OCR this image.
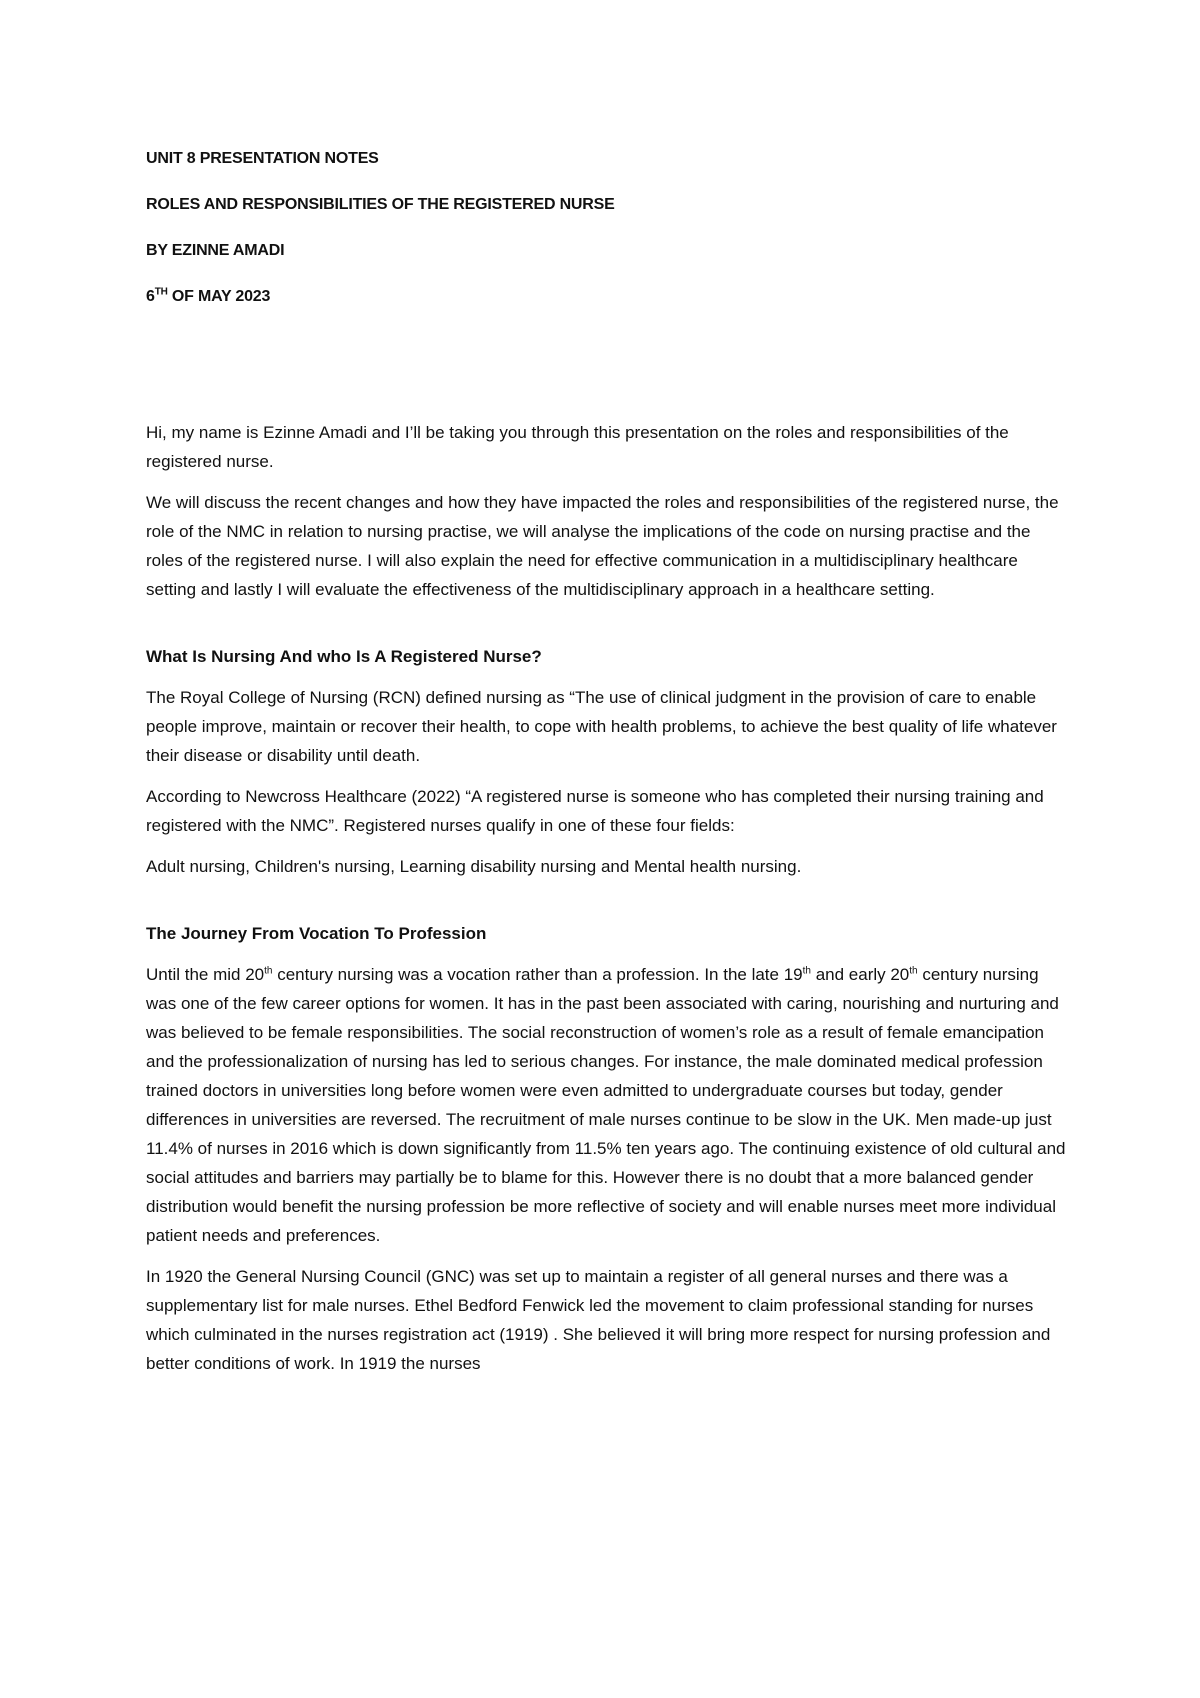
UNIT 8 PRESENTATION NOTES
ROLES AND RESPONSIBILITIES OF THE REGISTERED NURSE
BY EZINNE AMADI
6TH OF MAY 2023

Hi, my name is Ezinne Amadi and I’ll be taking you through this presentation on the roles and responsibilities of the registered nurse.

We will discuss the recent changes and how they have impacted the roles and responsibilities of the registered nurse, the role of the NMC in relation to nursing practise, we will analyse the implications of the code on nursing practise and the roles of the registered nurse. I will also explain the need for effective communication in a multidisciplinary healthcare setting and lastly I will evaluate the effectiveness of the multidisciplinary approach in a healthcare setting.

What Is Nursing And who Is A Registered Nurse?

The Royal College of Nursing (RCN) defined nursing as “The use of clinical judgment in the provision of care to enable people improve, maintain or recover their health, to cope with health problems, to achieve the best quality of life whatever their disease or disability until death.

According to Newcross Healthcare (2022) “A registered nurse is someone who has completed their nursing training and registered with the NMC”. Registered nurses qualify in one of these four fields:

Adult nursing, Children's nursing, Learning disability nursing and Mental health nursing.

The Journey From Vocation To Profession

Until the mid 20th century nursing was a vocation rather than a profession. In the late 19th and early 20th century nursing was one of the few career options for women. It has in the past been associated with caring, nourishing and nurturing and was believed to be female responsibilities. The social reconstruction of women’s role as a result of female emancipation and the professionalization of nursing has led to serious changes. For instance, the male dominated medical profession trained doctors in universities long before women were even admitted to undergraduate courses but today, gender differences in universities are reversed. The recruitment of male nurses continue to be slow in the UK. Men made-up just 11.4% of nurses in 2016 which is down significantly from 11.5% ten years ago. The continuing existence of old cultural and social attitudes and barriers may partially be to blame for this. However there is no doubt that a more balanced gender distribution would benefit the nursing profession be more reflective of society and will enable nurses meet more individual patient needs and preferences.

In 1920 the General Nursing Council (GNC) was set up to maintain a register of all general nurses and there was a supplementary list for male nurses. Ethel Bedford Fenwick led the movement to claim professional standing for nurses which culminated in the nurses registration act (1919) . She believed it will bring more respect for nursing profession and better conditions of work. In 1919 the nurses
